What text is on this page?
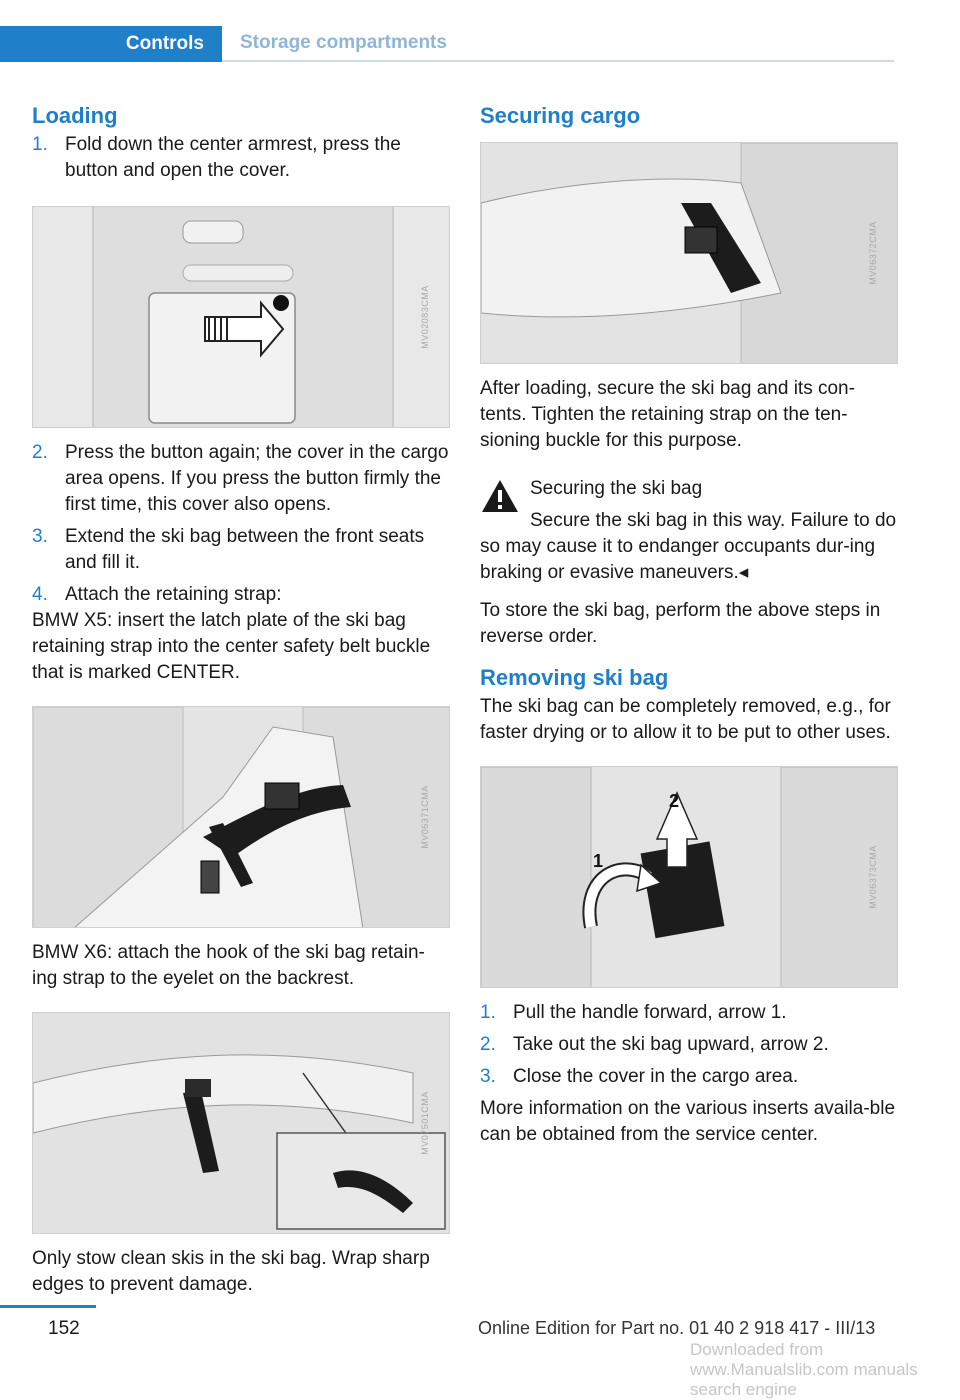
Controls	Storage compartments
Loading
1. Fold down the center armrest, press the button and open the cover.
MV02083CMA
2. Press the button again; the cover in the cargo area opens. If you press the button firmly the first time, this cover also opens.
3. Extend the ski bag between the front seats and fill it.
4. Attach the retaining strap:

BMW X5: insert the latch plate of the ski bag retaining strap into the center safety belt buckle that is marked CENTER.

MV06371CMA

BMW X6: attach the hook of the ski bag retain-ing strap to the eyelet on the backrest.

MV07501CMA

Only stow clean skis in the ski bag. Wrap sharp edges to prevent damage.

Securing cargo
MV06372CMA

After loading, secure the ski bag and its con-tents. Tighten the retaining strap on the ten-sioning buckle for this purpose.

Securing the ski bag

Secure the ski bag in this way. Failure to do so may cause it to endanger occupants dur-ing braking or evasive maneuvers.◂

To store the ski bag, perform the above steps in reverse order.

Removing ski bag

The ski bag can be completely removed, e.g., for faster drying or to allow it to be put to other uses.

2
1	MV06373CMA
1. Pull the handle forward, arrow 1.
2. Take out the ski bag upward, arrow 2.
3. Close the cover in the cargo area.

More information on the various inserts availa-ble can be obtained from the service center.

152	Online Edition for Part no. 01 40 2 918 417 - III/13
Downloaded from www.Manualslib.com manuals search engine
